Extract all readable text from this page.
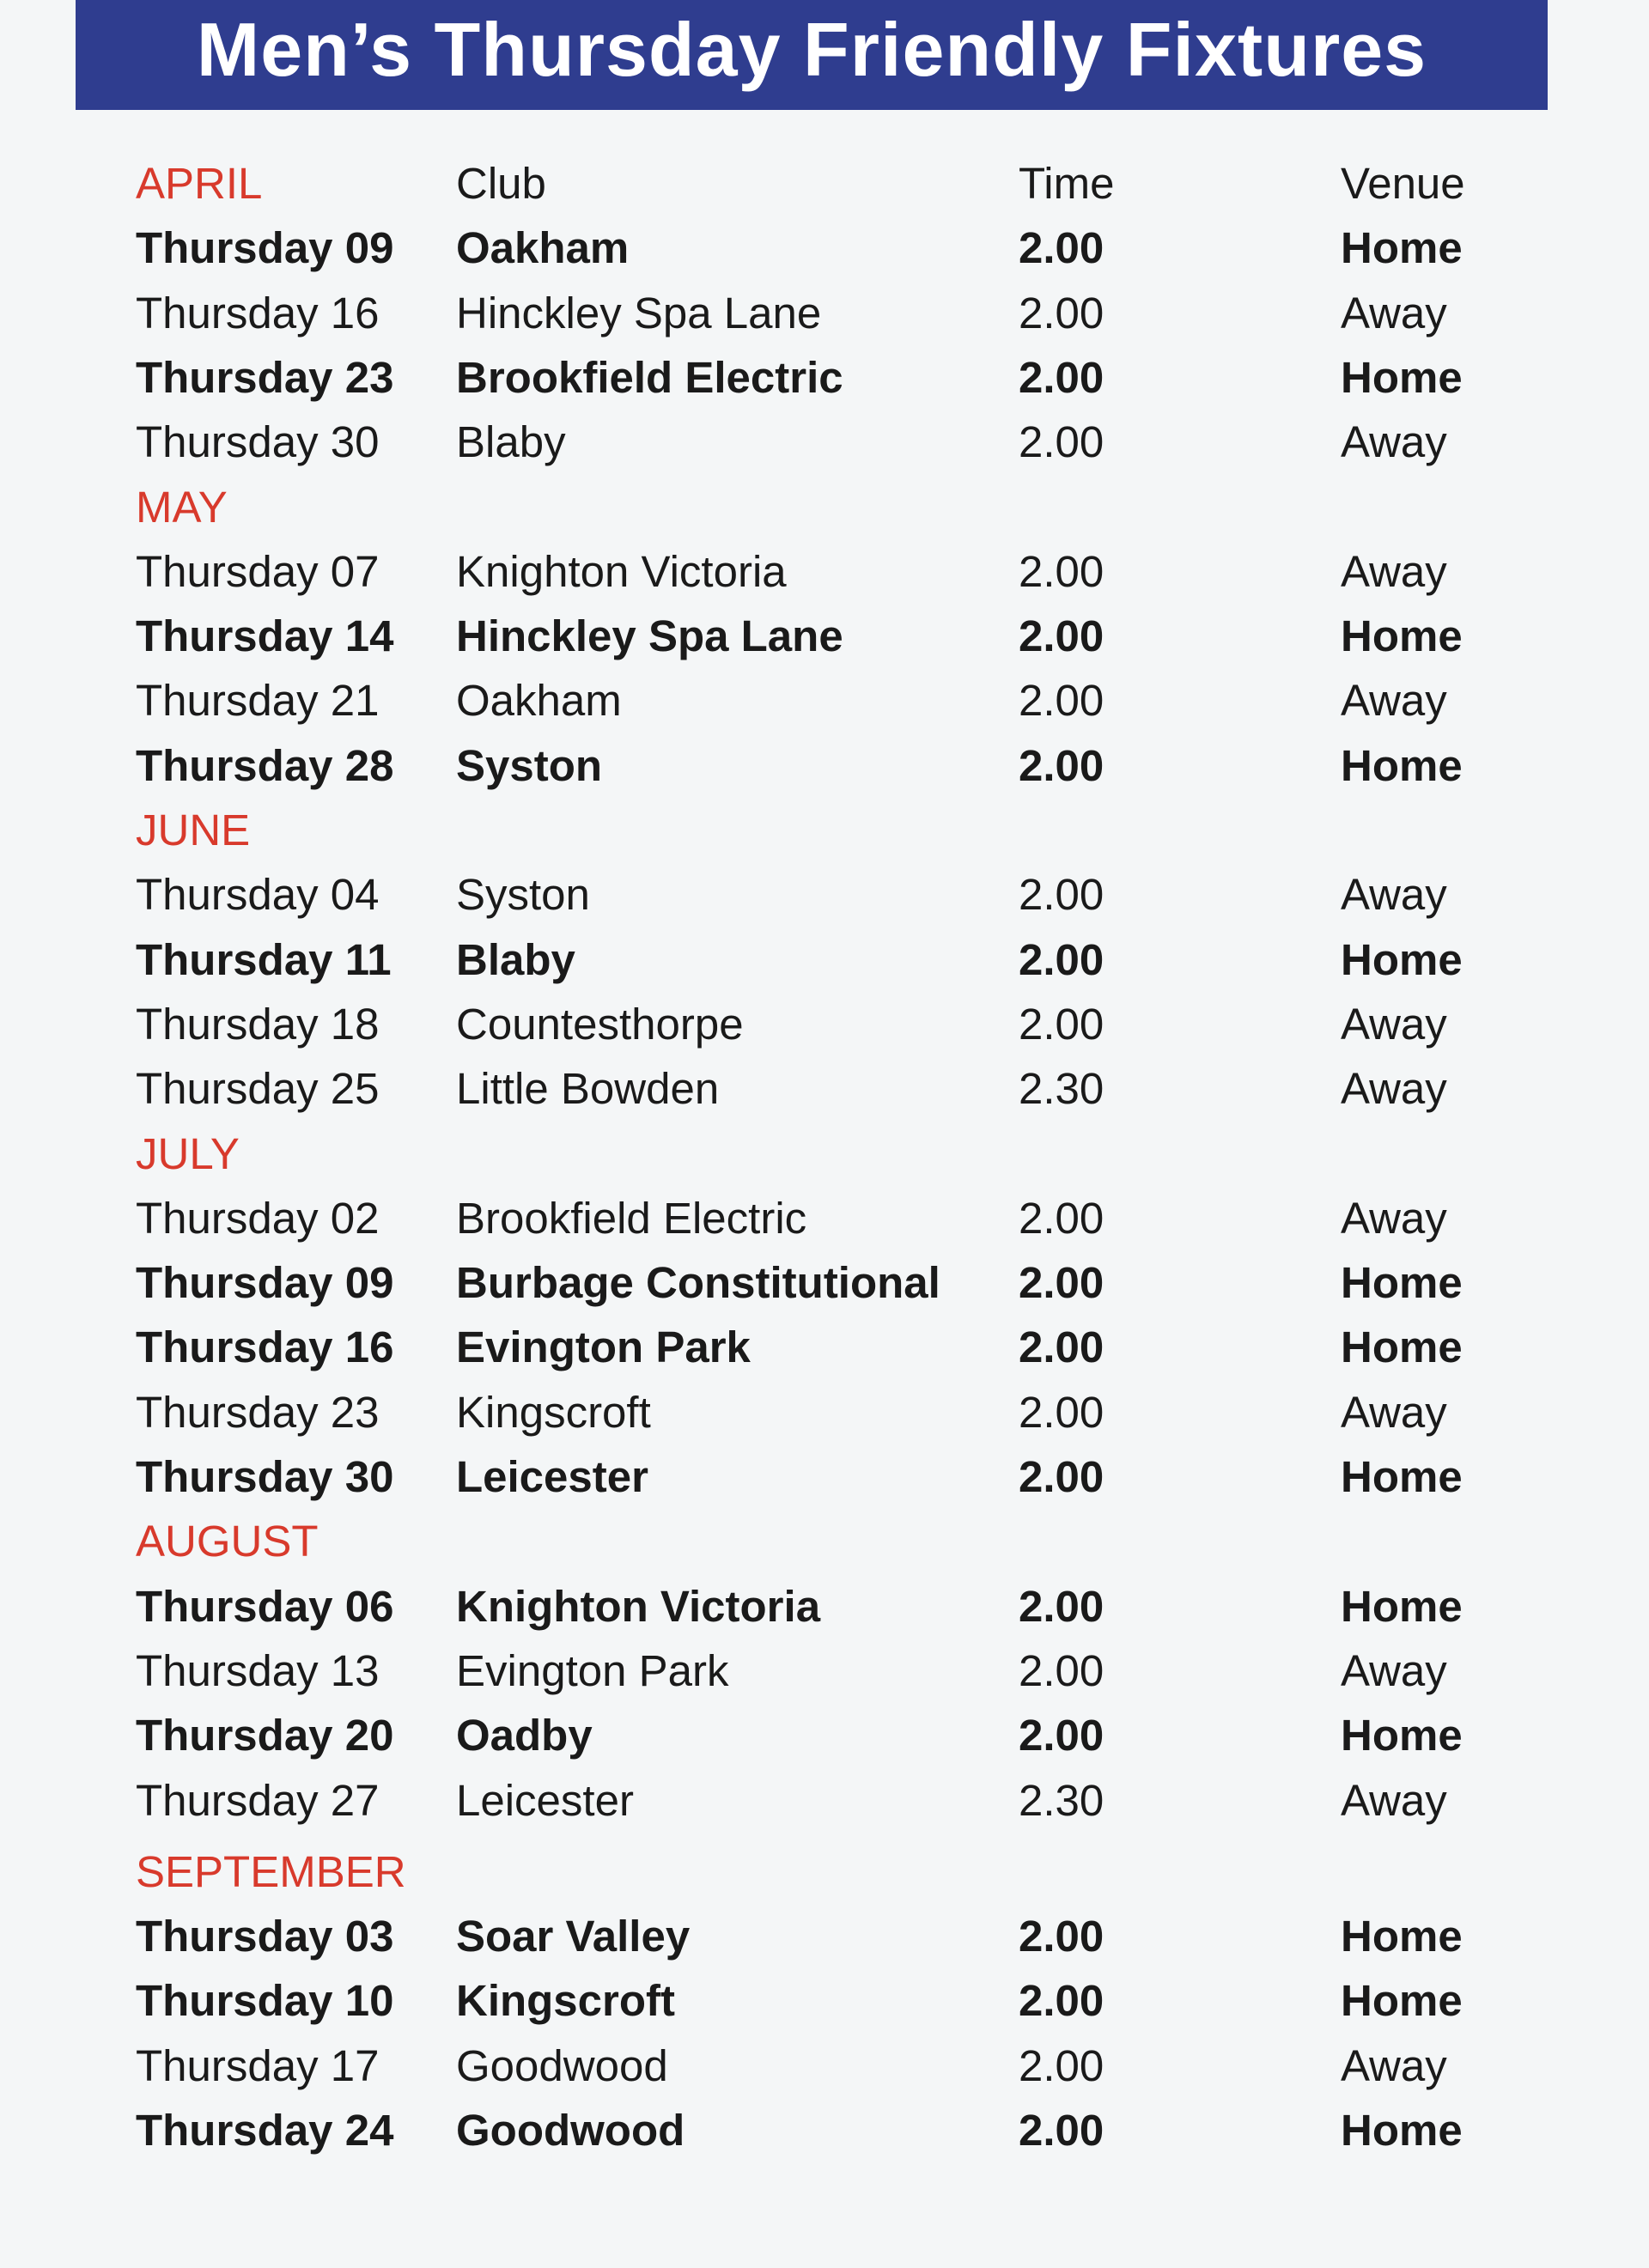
Men’s Thursday Friendly Fixtures
APRIL	Club	Time	Venue
Thursday 09 Oakham	2.00	Home
Thursday 16 Hinckley Spa Lane	2.00	Away
Thursday 23 Brookfield Electric	2.00	Home
Thursday 30 Blaby	2.00	Away
MAY
Thursday 07 Knighton Victoria	2.00	Away
Thursday 14 Hinckley Spa Lane	2.00	Home
Thursday 21 Oakham	2.00	Away
Thursday 28 Syston	2.00	Home
JUNE
Thursday 04 Syston	2.00	Away
Thursday 11 Blaby	2.00	Home
Thursday 18 Countesthorpe	2.00	Away
Thursday 25 Little Bowden	2.30	Away
JULY
Thursday 02 Brookfield Electric	2.00	Away
Thursday 09 Burbage Constitutional 2.00	Home
Thursday 16 Evington Park	2.00	Home
Thursday 23 Kingscroft	2.00	Away
Thursday 30 Leicester	2.00	Home
AUGUST
Thursday 06 Knighton Victoria	2.00	Home
Thursday 13 Evington Park	2.00	Away
Thursday 20 Oadby	2.00	Home
Thursday 27 Leicester	2.30	Away
SEPTEMBER
Thursday 03 Soar Valley	2.00	Home
Thursday 10 Kingscroft	2.00	Home
Thursday 17 Goodwood	2.00	Away
Thursday 24 Goodwood	2.00	Home
